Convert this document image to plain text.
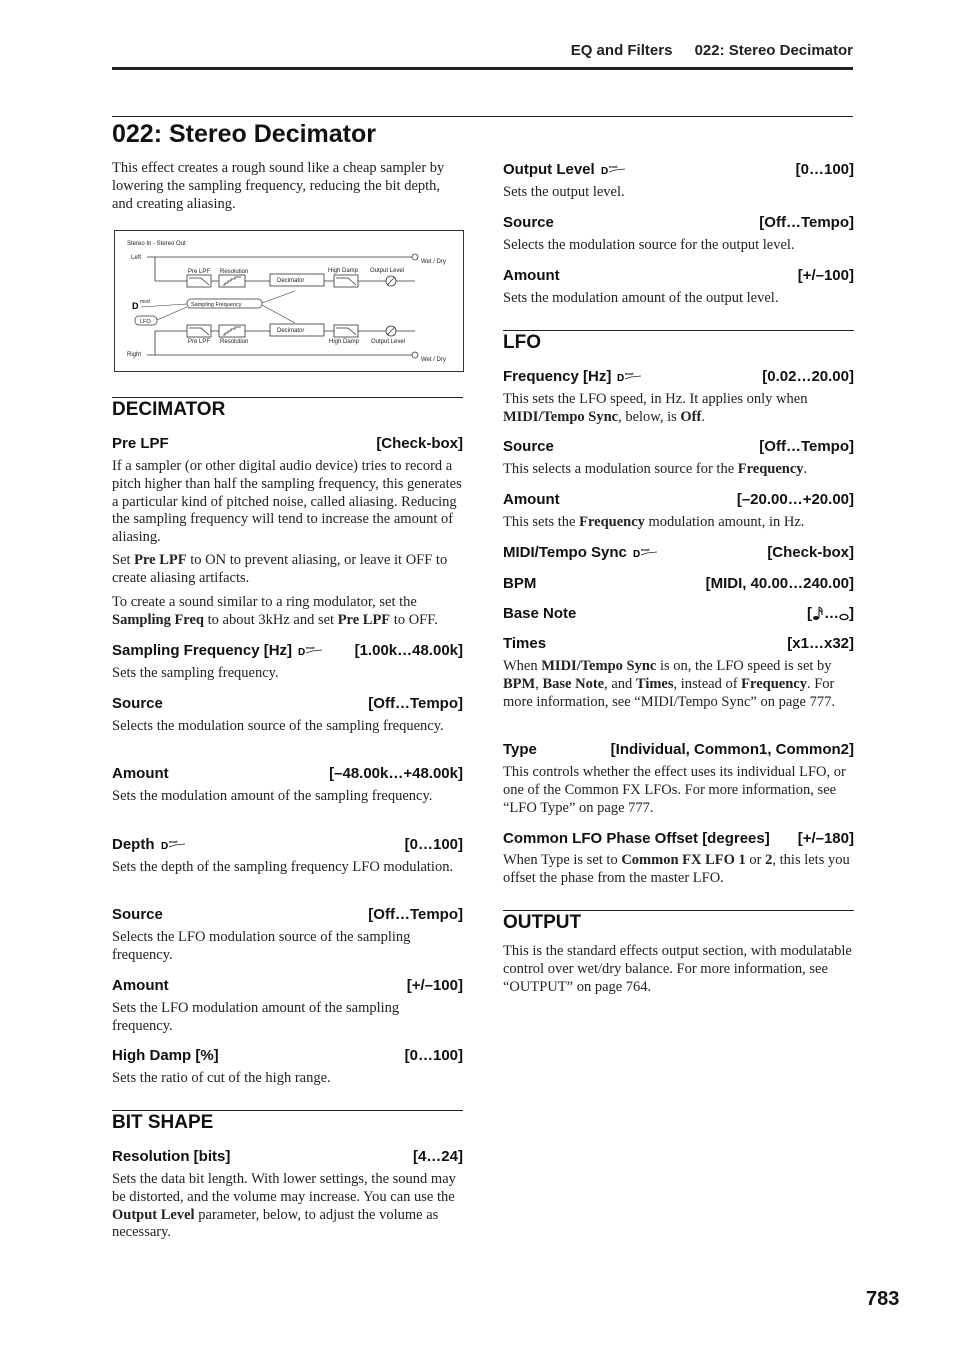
EQ and Filters 022: Stereo Decimator
022: Stereo Decimator

This effect creates a rough sound like a cheap sampler by lowering the sampling frequency, reducing the bit depth, and creating aliasing.

Stereo In - Stereo Out
Left
Pre LPF Resolution
Decimator
High Damp Output Level
Wet / Dry
D mod	Sampling Frequency
LFO
Right
Pre LPF Resolution
Decimator
High Damp Output Level
Wet / Dry
DECIMATOR
Pre LPF	[Check-box]

If a sampler (or other digital audio device) tries to record a pitch higher than half the sampling frequency, this generates a particular kind of pitched noise, called aliasing. Reducing the sampling frequency will tend to increase the amount of aliasing.

Set Pre LPF to ON to prevent aliasing, or leave it OFF to create aliasing artifacts.

To create a sound similar to a ring modulator, set the Sampling Freq to about 3kHz and set Pre LPF to OFF.

Sampling Frequency [Hz] D mod	[1.00k…48.00k]

Sets the sampling frequency.

Source	[Off…Tempo]

Selects the modulation source of the sampling frequency.

Amount	[–48.00k…+48.00k]

Sets the modulation amount of the sampling frequency.

Depth D mod	[0…100]

Sets the depth of the sampling frequency LFO modulation.

Source	[Off…Tempo]

Selects the LFO modulation source of the sampling frequency.

Amount	[+/–100]

Sets the LFO modulation amount of the sampling frequency.

High Damp [%]	[0…100]

Sets the ratio of cut of the high range.

BIT SHAPE
Resolution [bits]	[4…24]

Sets the data bit length. With lower settings, the sound may be distorted, and the volume may increase. You can use the Output Level parameter, below, to adjust the volume as necessary.

Output Level D mod	[0…100]

Sets the output level.

Source	[Off…Tempo]

Selects the modulation source for the output level.

Amount	[+/–100]

Sets the modulation amount of the output level.

LFO
Frequency [Hz] D mod	[0.02…20.00]

This sets the LFO speed, in Hz. It applies only when MIDI/Tempo Sync, below, is Off.

Source	[Off…Tempo]

This selects a modulation source for the Frequency.

Amount	[–20.00…+20.00]

This sets the Frequency modulation amount, in Hz.

MIDI/Tempo Sync D mod	[Check-box]
BPM	[MIDI, 40.00…240.00]
Base Note	[ … ]
Times	[x1…x32]

When MIDI/Tempo Sync is on, the LFO speed is set by BPM, Base Note, and Times, instead of Frequency. For more information, see “MIDI/Tempo Sync” on page 777.

Type	[Individual, Common1, Common2]

This controls whether the effect uses its individual LFO, or one of the Common FX LFOs. For more information, see “LFO Type” on page 777.

Common LFO Phase Offset [degrees] [+/–180]

When Type is set to Common FX LFO 1 or 2, this lets you offset the phase from the master LFO.

OUTPUT

This is the standard effects output section, with modulatable control over wet/dry balance. For more information, see “OUTPUT” on page 764.

783
